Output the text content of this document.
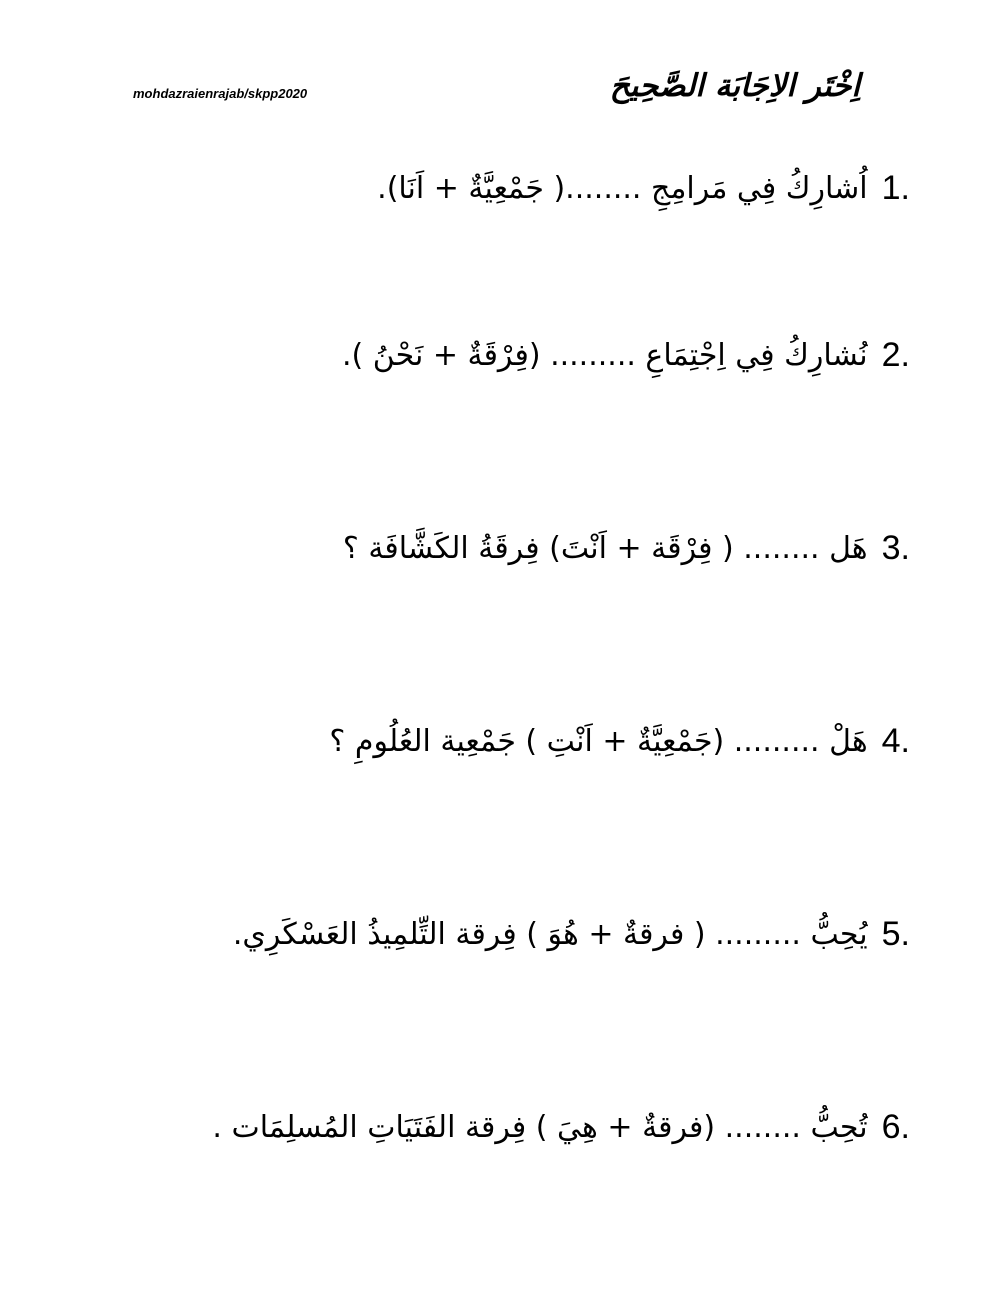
mohdazraienrajab/skpp2020	اِخْتَر الاِجَابَة الصَّحِيحَ
اُشارِكُ فِي مَرامِجِ ........( جَمْعِيَّةٌ + اَنَا). 1.
نُشارِكُ فِي اِجْتِمَاعِ ......... (فِرْقَةٌ + نَحْنُ ). 2.
هَل ........ ( فِرْقَة + اَنْتَ) فِرقَةُ الكَشَّافَة ؟ 3.
هَلْ ......... (جَمْعِيَّةٌ + اَنْتِ ) جَمْعِية العُلُومِ ؟ 4.
يُحِبُّ ......... ( فرقةٌ + هُوَ ) فِرقة التِّلمِيذُ العَسْكَرِي. 5.
تُحِبُّ ........ (فرقةٌ + هِيَ ) فِرقة الفَتَيَاتِ المُسلِمَات . 6.
